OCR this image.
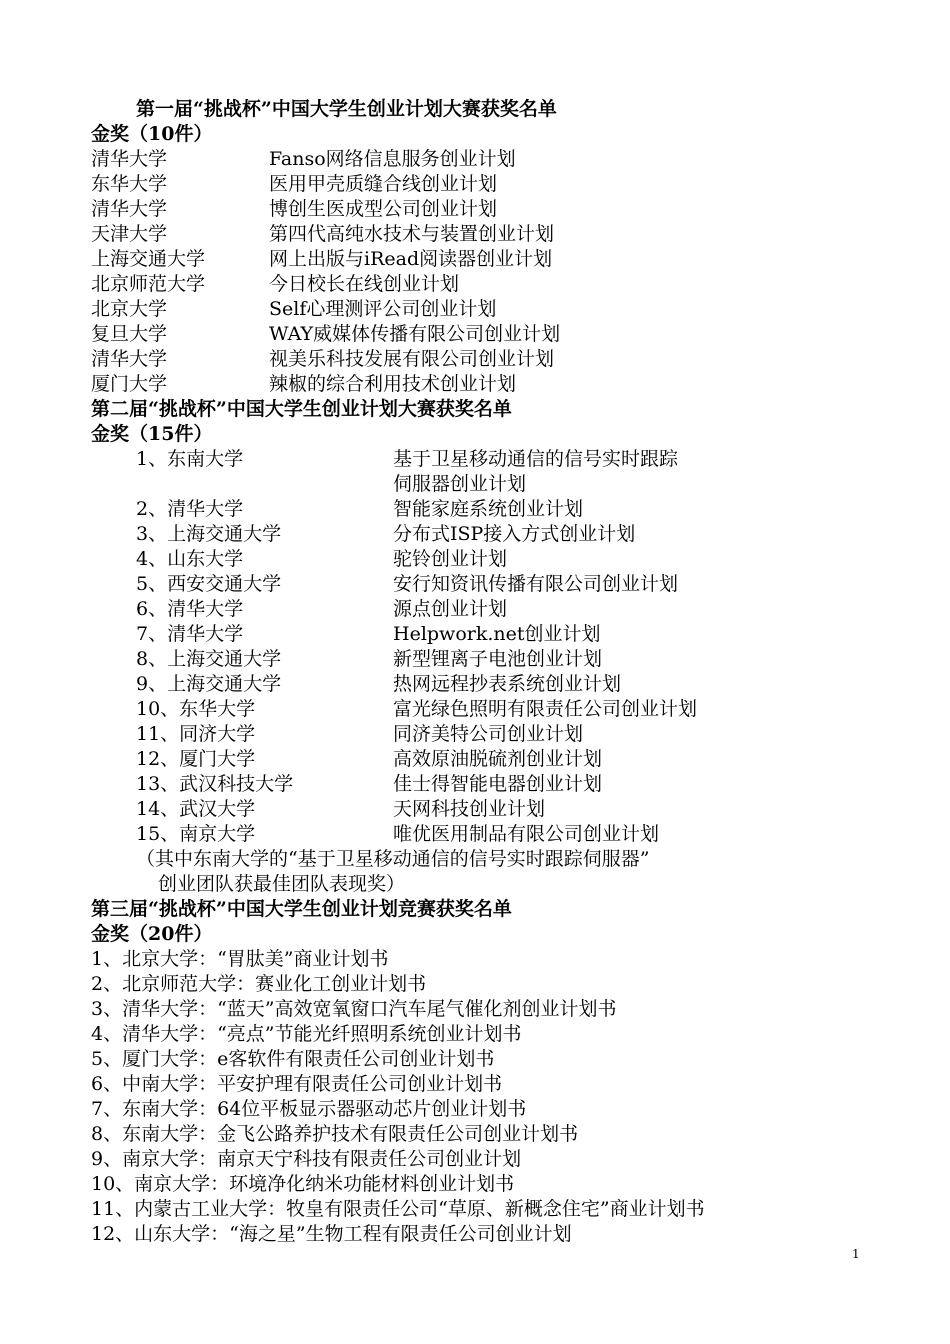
第一届“挑战杯”中国大学生创业计划大赛获奖名单
金奖（10件）
清华大学	Fanso网络信息服务创业计划
东华大学	医用甲壳质缝合线创业计划
清华大学	博创生医成型公司创业计划
天津大学	第四代高纯水技术与装置创业计划
上海交通大学	网上出版与iRead阅读器创业计划
北京师范大学	今日校长在线创业计划
北京大学	Self心理测评公司创业计划
复旦大学	WAY威媒体传播有限公司创业计划
清华大学	视美乐科技发展有限公司创业计划
厦门大学	辣椒的综合利用技术创业计划
第二届“挑战杯”中国大学生创业计划大赛获奖名单
金奖（15件）
1、东南大学	基于卫星移动通信的信号实时跟踪
伺服器创业计划
2、清华大学	智能家庭系统创业计划
3、上海交通大学	分布式ISP接入方式创业计划
4、山东大学	驼铃创业计划
5、西安交通大学	安行知资讯传播有限公司创业计划
6、清华大学	源点创业计划
7、清华大学	Helpwork.net创业计划
8、上海交通大学	新型锂离子电池创业计划
9、上海交通大学	热网远程抄表系统创业计划
10、东华大学	富光绿色照明有限责任公司创业计划
11、同济大学	同济美特公司创业计划
12、厦门大学	高效原油脱硫剂创业计划
13、武汉科技大学	佳士得智能电器创业计划
14、武汉大学	天网科技创业计划
15、南京大学	唯优医用制品有限公司创业计划
（其中东南大学的“基于卫星移动通信的信号实时跟踪伺服器”
创业团队获最佳团队表现奖）
第三届“挑战杯”中国大学生创业计划竞赛获奖名单
金奖（20件）
1、北京大学：“胃肽美”商业计划书
2、北京师范大学：赛业化工创业计划书
3、清华大学：“蓝天”高效宽氧窗口汽车尾气催化剂创业计划书
4、清华大学：“亮点”节能光纤照明系统创业计划书
5、厦门大学：e客软件有限责任公司创业计划书
6、中南大学：平安护理有限责任公司创业计划书
7、东南大学：64位平板显示器驱动芯片创业计划书
8、东南大学：金飞公路养护技术有限责任公司创业计划书
9、南京大学：南京天宁科技有限责任公司创业计划
10、南京大学：环境净化纳米功能材料创业计划书
11、内蒙古工业大学：牧皇有限责任公司“草原、新概念住宅”商业计划书
12、山东大学：“海之星”生物工程有限责任公司创业计划
1
